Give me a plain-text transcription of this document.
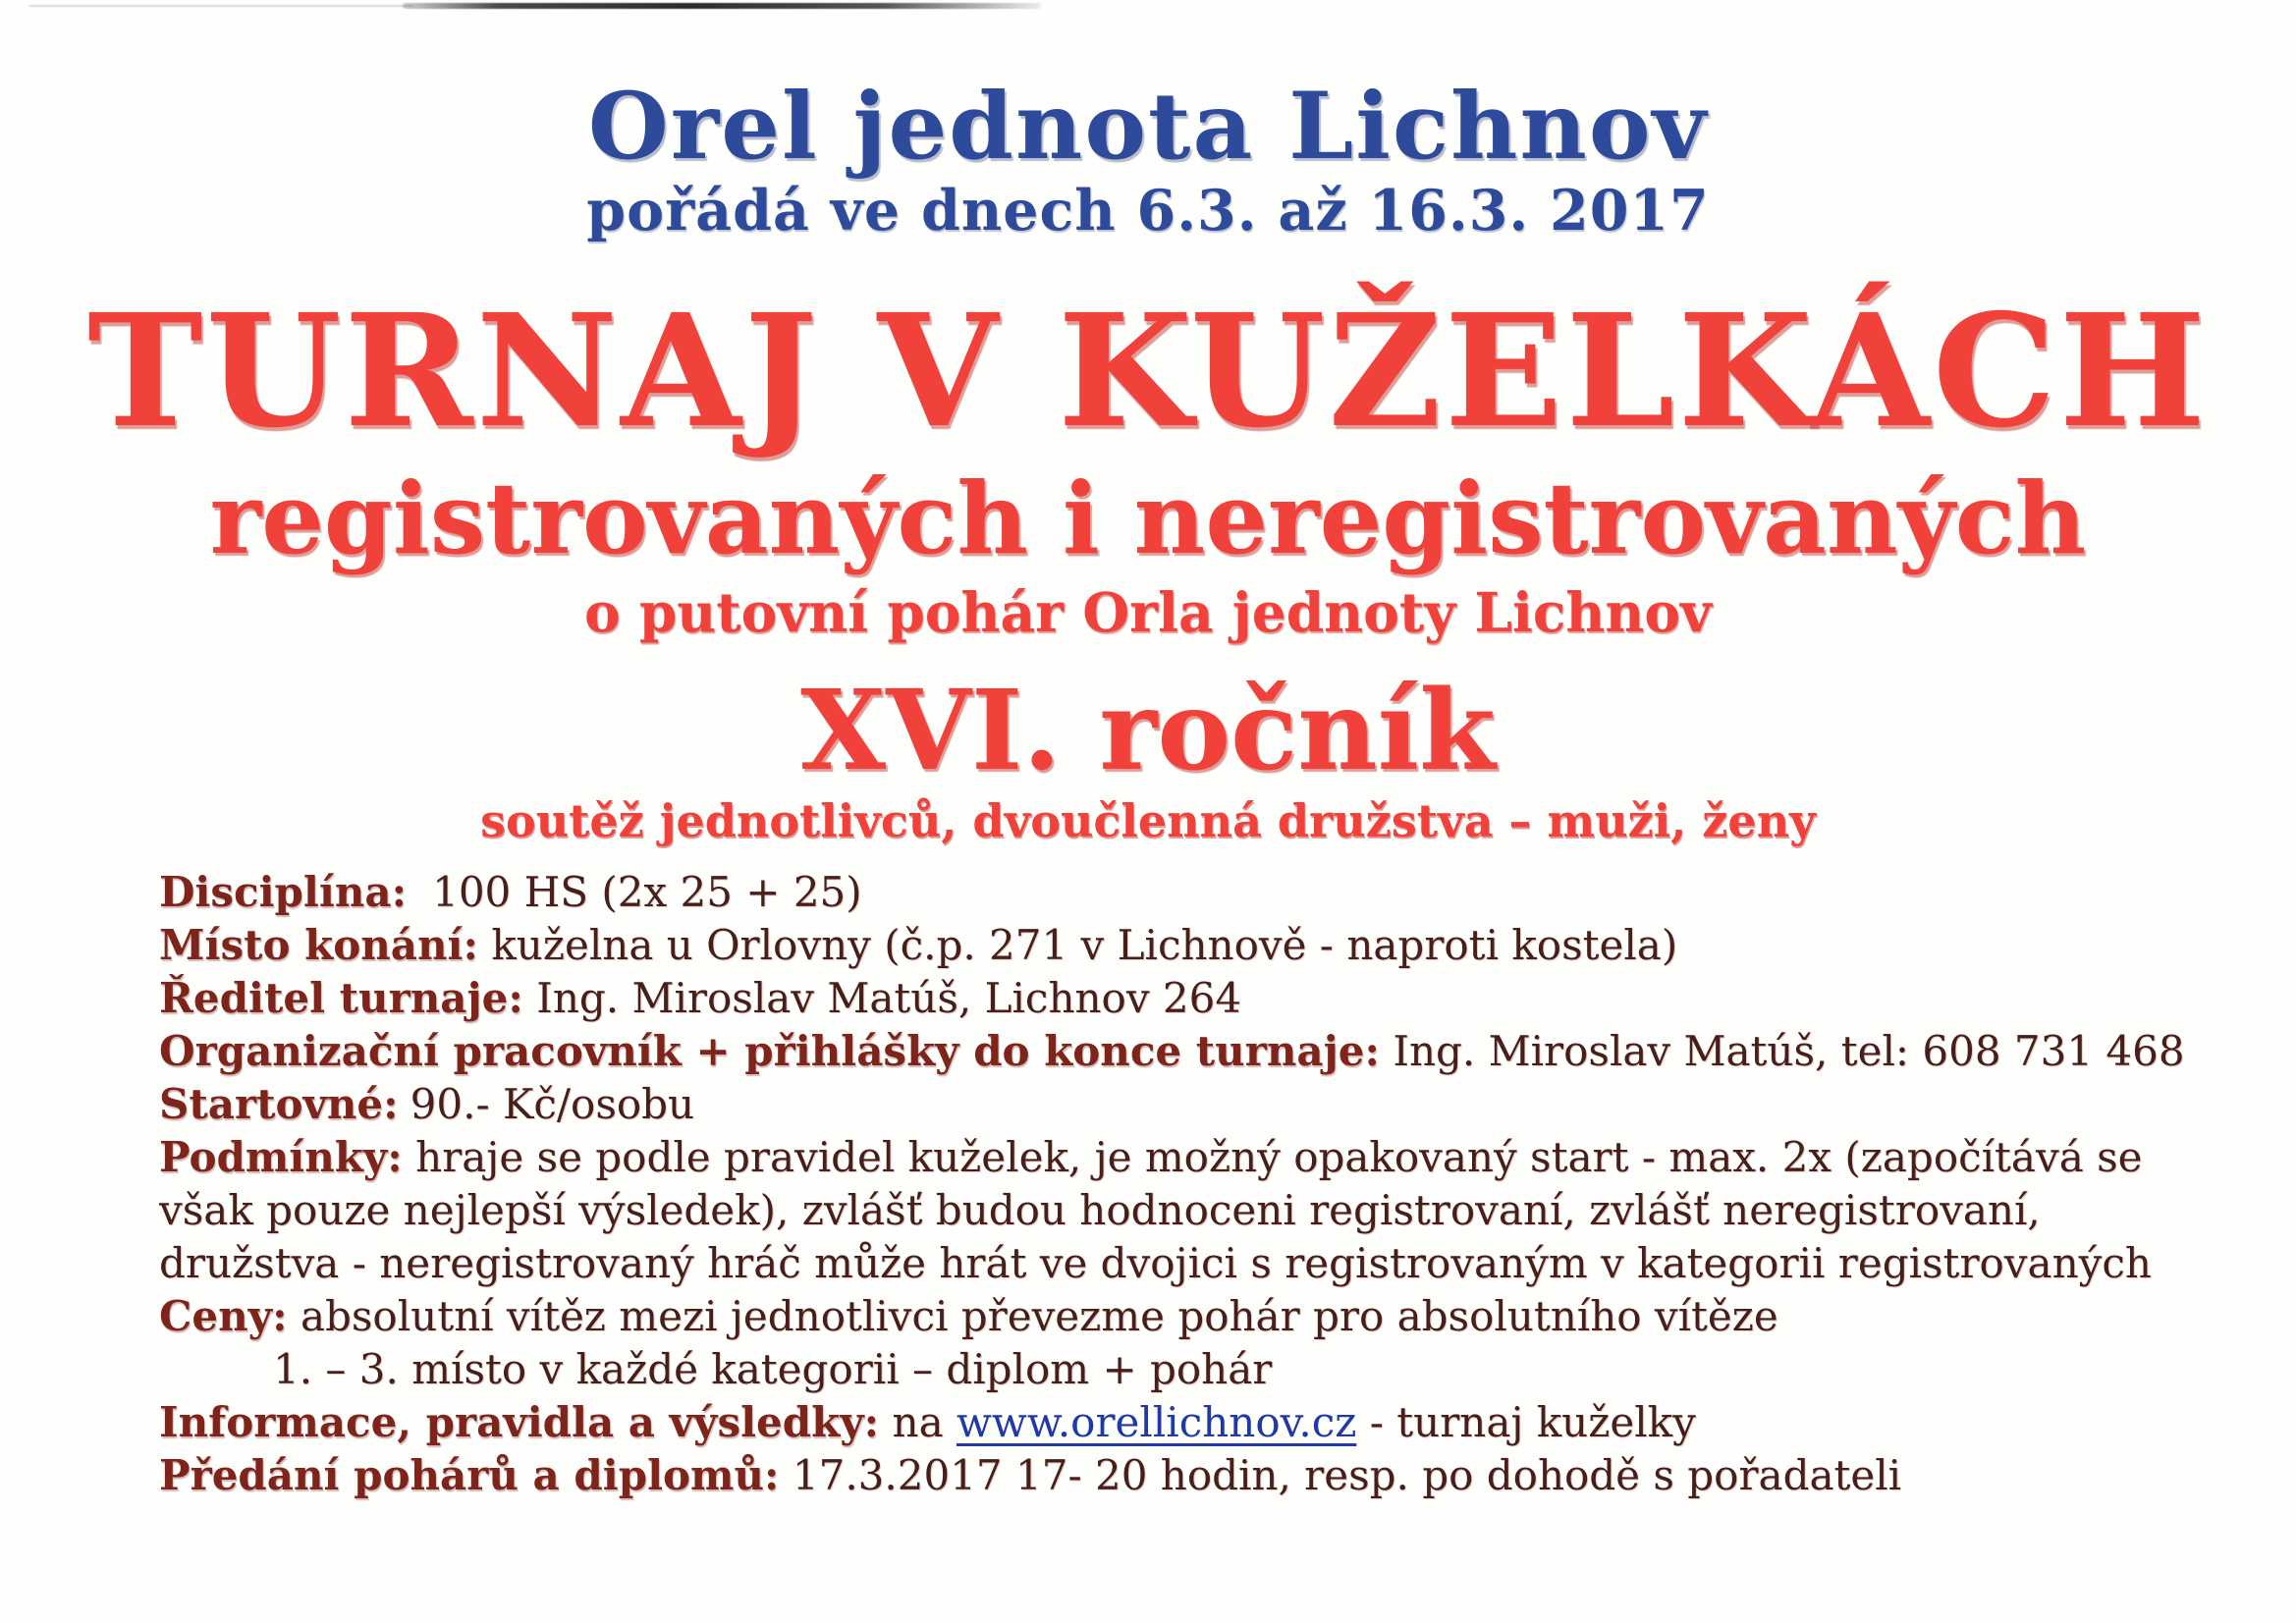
Orel jednota Lichnov
pořádá ve dnech 6.3. až 16.3. 2017
TURNAJ V KUŽELKÁCH
registrovaných i neregistrovaných
o putovní pohár Orla jednoty Lichnov
XVI. ročník
soutěž jednotlivců, dvoučlenná družstva – muži, ženy

Disciplína: 100 HS (2x 25 + 25)

Místo konání: kuželna u Orlovny (č.p. 271 v Lichnově - naproti kostela)

Ředitel turnaje: Ing. Miroslav Matúš, Lichnov 264

Organizační pracovník + přihlášky do konce turnaje: Ing. Miroslav Matúš, tel: 608 731 468

Startovné: 90.- Kč/osobu

Podmínky: hraje se podle pravidel kuželek, je možný opakovaný start - max. 2x (započítává se však pouze nejlepší výsledek), zvlášť budou hodnoceni registrovaní, zvlášť neregistrovaní, družstva - neregistrovaný hráč může hrát ve dvojici s registrovaným v kategorii registrovaných

Ceny: absolutní vítěz mezi jednotlivci převezme pohár pro absolutního vítěze

1. – 3. místo v každé kategorii – diplom + pohár

Informace, pravidla a výsledky: na www.orellichnov.cz - turnaj kuželky

Předání pohárů a diplomů: 17.3.2017 17- 20 hodin, resp. po dohodě s pořadateli
